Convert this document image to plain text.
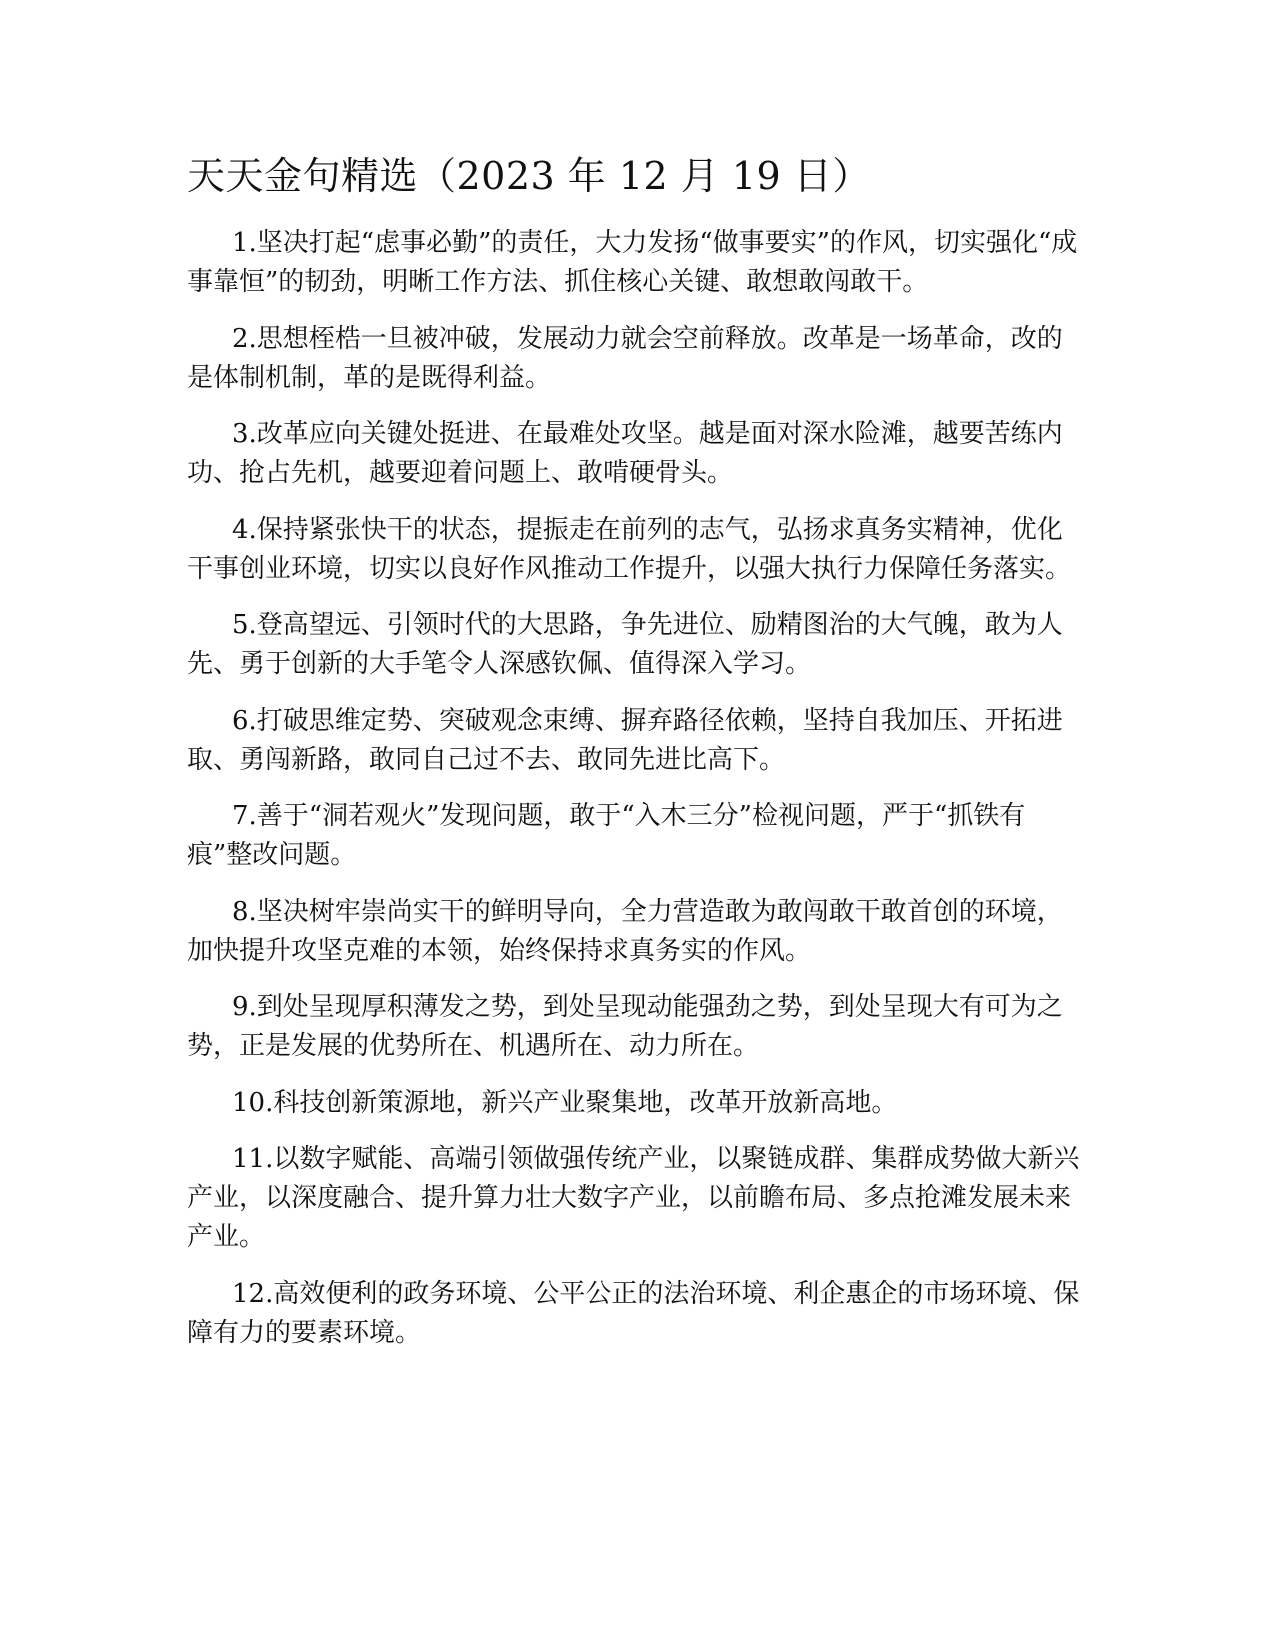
天天金句精选（2023 年 12 月 19 日）

1.坚决打起“虑事必勤”的责任，大力发扬“做事要实”的作风，切实强化“成事靠恒”的韧劲，明晰工作方法、抓住核心关键、敢想敢闯敢干。

2.思想桎梏一旦被冲破，发展动力就会空前释放。改革是一场革命，改的是体制机制，革的是既得利益。

3.改革应向关键处挺进、在最难处攻坚。越是面对深水险滩，越要苦练内功、抢占先机，越要迎着问题上、敢啃硬骨头。

4.保持紧张快干的状态，提振走在前列的志气，弘扬求真务实精神，优化干事创业环境，切实以良好作风推动工作提升，以强大执行力保障任务落实。

5.登高望远、引领时代的大思路，争先进位、励精图治的大气魄，敢为人先、勇于创新的大手笔令人深感钦佩、值得深入学习。

6.打破思维定势、突破观念束缚、摒弃路径依赖，坚持自我加压、开拓进取、勇闯新路，敢同自己过不去、敢同先进比高下。

7.善于“洞若观火”发现问题，敢于“入木三分”检视问题，严于“抓铁有痕”整改问题。

8.坚决树牢崇尚实干的鲜明导向，全力营造敢为敢闯敢干敢首创的环境，加快提升攻坚克难的本领，始终保持求真务实的作风。

9.到处呈现厚积薄发之势，到处呈现动能强劲之势，到处呈现大有可为之势，正是发展的优势所在、机遇所在、动力所在。

10.科技创新策源地，新兴产业聚集地，改革开放新高地。

11.以数字赋能、高端引领做强传统产业，以聚链成群、集群成势做大新兴产业，以深度融合、提升算力壮大数字产业，以前瞻布局、多点抢滩发展未来产业。

12.高效便利的政务环境、公平公正的法治环境、利企惠企的市场环境、保障有力的要素环境。
